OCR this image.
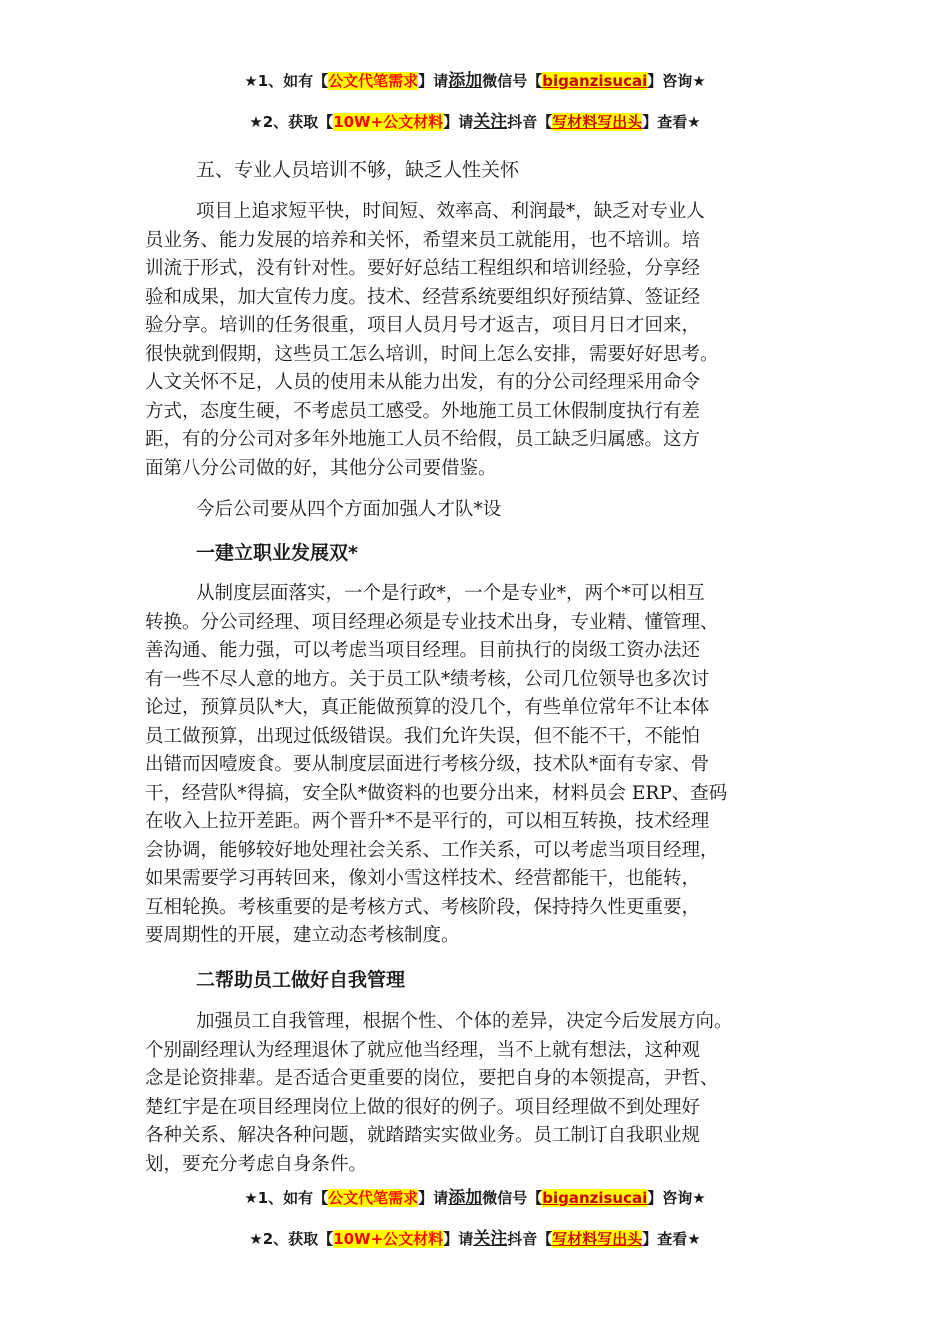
★1、如有【公文代笔需求】请添加微信号【biganzisucai】咨询★
★2、获取【10W+公文材料】请关注抖音【写材料写出头】查看★
五、专业人员培训不够，缺乏人性关怀
项目上追求短平快，时间短、效率高、利润最*，缺乏对专业人
员业务、能力发展的培养和关怀，希望来员工就能用，也不培训。培
训流于形式，没有针对性。要好好总结工程组织和培训经验，分享经
验和成果，加大宣传力度。技术、经营系统要组织好预结算、签证经
验分享。培训的任务很重，项目人员月号才返吉，项目月日才回来，
很快就到假期，这些员工怎么培训，时间上怎么安排，需要好好思考。
人文关怀不足，人员的使用未从能力出发，有的分公司经理采用命令
方式，态度生硬，不考虑员工感受。外地施工员工休假制度执行有差
距，有的分公司对多年外地施工人员不给假，员工缺乏归属感。这方
面第八分公司做的好，其他分公司要借鉴。
今后公司要从四个方面加强人才队*设
一建立职业发展双*
从制度层面落实，一个是行政*，一个是专业*，两个*可以相互
转换。分公司经理、项目经理必须是专业技术出身，专业精、懂管理、
善沟通、能力强，可以考虑当项目经理。目前执行的岗级工资办法还
有一些不尽人意的地方。关于员工队*绩考核，公司几位领导也多次讨
论过，预算员队*大，真正能做预算的没几个，有些单位常年不让本体
员工做预算，出现过低级错误。我们允许失误，但不能不干，不能怕
出错而因噎废食。要从制度层面进行考核分级，技术队*面有专家、骨
干，经营队*得搞，安全队*做资料的也要分出来，材料员会 ERP、查码
在收入上拉开差距。两个晋升*不是平行的，可以相互转换，技术经理
会协调，能够较好地处理社会关系、工作关系，可以考虑当项目经理，
如果需要学习再转回来，像刘小雪这样技术、经营都能干，也能转，
互相轮换。考核重要的是考核方式、考核阶段，保持持久性更重要，
要周期性的开展，建立动态考核制度。
二帮助员工做好自我管理
加强员工自我管理，根据个性、个体的差异，决定今后发展方向。
个别副经理认为经理退休了就应他当经理，当不上就有想法，这种观
念是论资排辈。是否适合更重要的岗位，要把自身的本领提高，尹哲、
楚红宇是在项目经理岗位上做的很好的例子。项目经理做不到处理好
各种关系、解决各种问题，就踏踏实实做业务。员工制订自我职业规
划，要充分考虑自身条件。
★1、如有【公文代笔需求】请添加微信号【biganzisucai】咨询★
★2、获取【10W+公文材料】请关注抖音【写材料写出头】查看★
